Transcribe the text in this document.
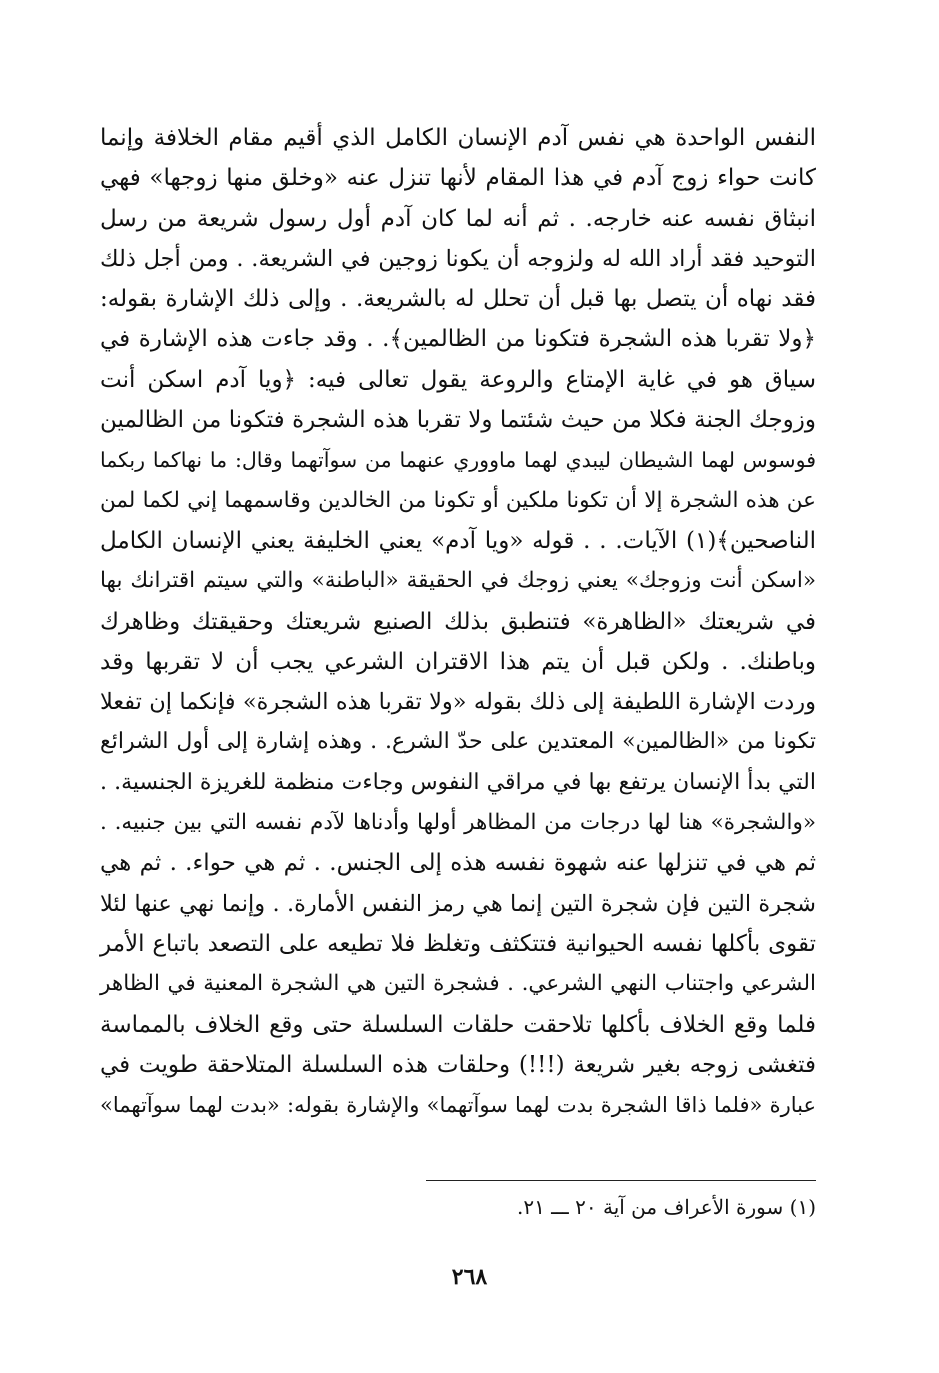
النفس الواحدة هي نفس آدم الإنسان الكامل الذي أقيم مقام الخلافة وإنما
كانت حواء زوج آدم في هذا المقام لأنها تنزل عنه «وخلق منها زوجها» فهي
انبثاق نفسه عنه خارجه. . ثم أنه لما كان آدم أول رسول شريعة من رسل
التوحيد فقد أراد الله له ولزوجه أن يكونا زوجين في الشريعة. . ومن أجل ذلك
فقد نهاه أن يتصل بها قبل أن تحلل له بالشريعة. . وإلى ذلك الإشارة بقوله:
﴿ولا تقربا هذه الشجرة فتكونا من الظالمين﴾. . وقد جاءت هذه الإشارة في
سياق هو في غاية الإمتاع والروعة يقول تعالى فيه: ﴿ويا آدم اسكن أنت
وزوجك الجنة فكلا من حيث شئتما ولا تقربا هذه الشجرة فتكونا من الظالمين
فوسوس لهما الشيطان ليبدي لهما ماووري عنهما من سوآتهما وقال: ما نهاكما ربكما
عن هذه الشجرة إلا أن تكونا ملكين أو تكونا من الخالدين وقاسمهما إني لكما لمن
الناصحين﴾(١) الآيات. . . قوله «ويا آدم» يعني الخليفة يعني الإنسان الكامل
«اسكن أنت وزوجك» يعني زوجك في الحقيقة «الباطنة» والتي سيتم اقترانك بها
في شريعتك «الظاهرة» فتنطبق بذلك الصنيع شريعتك وحقيقتك وظاهرك
وباطنك. . ولكن قبل أن يتم هذا الاقتران الشرعي يجب أن لا تقربها وقد
وردت الإشارة اللطيفة إلى ذلك بقوله «ولا تقربا هذه الشجرة» فإنكما إن تفعلا
تكونا من «الظالمين» المعتدين على حدّ الشرع. . وهذه إشارة إلى أول الشرائع
التي بدأ الإنسان يرتفع بها في مراقي النفوس وجاءت منظمة للغريزة الجنسية. .
«والشجرة» هنا لها درجات من المظاهر أولها وأدناها لآدم نفسه التي بين جنبيه. .
ثم هي في تنزلها عنه شهوة نفسه هذه إلى الجنس. . ثم هي حواء. . ثم هي
شجرة التين فإن شجرة التين إنما هي رمز النفس الأمارة. . وإنما نهي عنها لئلا
تقوى بأكلها نفسه الحيوانية فتتكثف وتغلظ فلا تطيعه على التصعد باتباع الأمر
الشرعي واجتناب النهي الشرعي. . فشجرة التين هي الشجرة المعنية في الظاهر
فلما وقع الخلاف بأكلها تلاحقت حلقات السلسلة حتى وقع الخلاف بالمماسة
فتغشى زوجه بغير شريعة (!!!) وحلقات هذه السلسلة المتلاحقة طويت في
عبارة «فلما ذاقا الشجرة بدت لهما سوآتهما» والإشارة بقوله: «بدت لهما سوآتهما»
(١) سورة الأعراف من آية ٢٠ ـــ ٢١.
٢٦٨
